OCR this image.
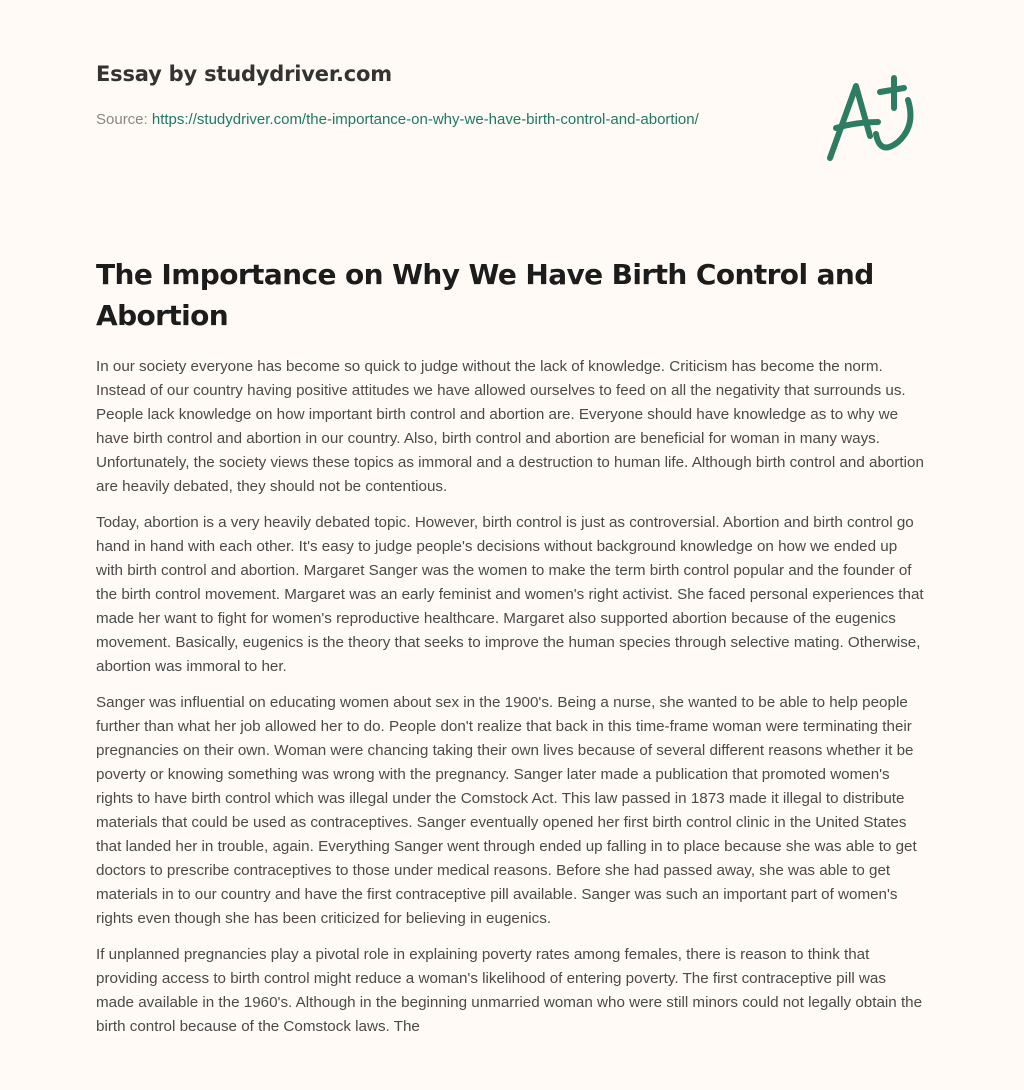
Essay by studydriver.com
Source: https://studydriver.com/the-importance-on-why-we-have-birth-control-and-abortion/
The Importance on Why We Have Birth Control and Abortion

In our society everyone has become so quick to judge without the lack of knowledge. Criticism has become the norm. Instead of our country having positive attitudes we have allowed ourselves to feed on all the negativity that surrounds us. People lack knowledge on how important birth control and abortion are. Everyone should have knowledge as to why we have birth control and abortion in our country. Also, birth control and abortion are beneficial for woman in many ways. Unfortunately, the society views these topics as immoral and a destruction to human life. Although birth control and abortion are heavily debated, they should not be contentious.

Today, abortion is a very heavily debated topic. However, birth control is just as controversial. Abortion and birth control go hand in hand with each other. It's easy to judge people's decisions without background knowledge on how we ended up with birth control and abortion. Margaret Sanger was the women to make the term birth control popular and the founder of the birth control movement. Margaret was an early feminist and women's right activist. She faced personal experiences that made her want to fight for women's reproductive healthcare. Margaret also supported abortion because of the eugenics movement. Basically, eugenics is the theory that seeks to improve the human species through selective mating. Otherwise, abortion was immoral to her.

Sanger was influential on educating women about sex in the 1900's. Being a nurse, she wanted to be able to help people further than what her job allowed her to do. People don't realize that back in this time-frame woman were terminating their pregnancies on their own. Woman were chancing taking their own lives because of several different reasons whether it be poverty or knowing something was wrong with the pregnancy. Sanger later made a publication that promoted women's rights to have birth control which was illegal under the Comstock Act. This law passed in 1873 made it illegal to distribute materials that could be used as contraceptives. Sanger eventually opened her first birth control clinic in the United States that landed her in trouble, again. Everything Sanger went through ended up falling in to place because she was able to get doctors to prescribe contraceptives to those under medical reasons. Before she had passed away, she was able to get materials in to our country and have the first contraceptive pill available. Sanger was such an important part of women's rights even though she has been criticized for believing in eugenics.

If unplanned pregnancies play a pivotal role in explaining poverty rates among females, there is reason to think that providing access to birth control might reduce a woman's likelihood of entering poverty. The first contraceptive pill was made available in the 1960's. Although in the beginning unmarried woman who were still minors could not legally obtain the birth control because of the Comstock laws. The
